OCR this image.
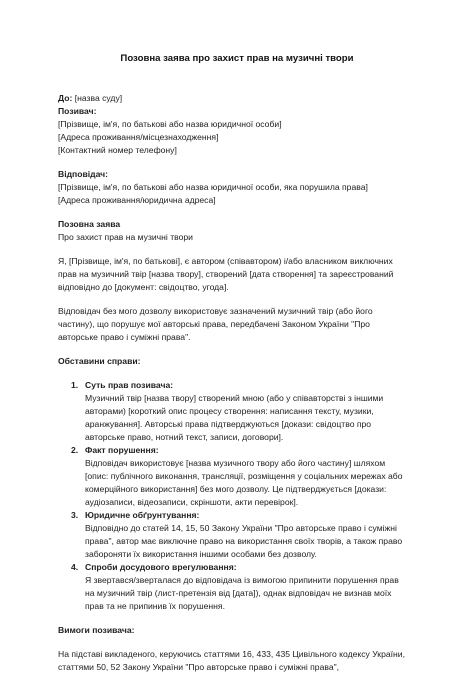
Позовна заява про захист прав на музичні твори

До: [назва суду]

Позивач:

[Прізвище, ім'я, по батькові або назва юридичної особи]

[Адреса проживання/місцезнаходження]

[Контактний номер телефону]

Відповідач:

[Прізвище, ім'я, по батькові або назва юридичної особи, яка порушила права]

[Адреса проживання/юридична адреса]

Позовна заява

Про захист прав на музичні твори

Я, [Прізвище, ім'я, по батькові], є автором (співавтором) і/або власником виключних

прав на музичний твір [назва твору], створений [дата створення] та зареєстрований

відповідно до [документ: свідоцтво, угода].

Відповідач без мого дозволу використовує зазначений музичний твір (або його

частину), що порушує мої авторські права, передбачені Законом України "Про

авторське право і суміжні права".

Обставини справи:

1. Суть прав позивача:

Музичний твір [назва твору] створений мною (або у співавторстві з іншими

авторами) [короткий опис процесу створення: написання тексту, музики,

аранжування]. Авторські права підтверджуються [докази: свідоцтво про

авторське право, нотний текст, записи, договори].

2. Факт порушення:

Відповідач використовує [назва музичного твору або його частину] шляхом

[опис: публічного виконання, трансляції, розміщення у соціальних мережах або

комерційного використання] без мого дозволу. Це підтверджується [докази:

аудіозаписи, відеозаписи, скріншоти, акти перевірок].

3. Юридичне обґрунтування:

Відповідно до статей 14, 15, 50 Закону України "Про авторське право і суміжні

права", автор має виключне право на використання своїх творів, а також право

забороняти їх використання іншими особами без дозволу.

4. Спроби досудового врегулювання:

Я звертався/зверталася до відповідача із вимогою припинити порушення прав

на музичний твір (лист-претензія від [дата]), однак відповідач не визнав моїх

прав та не припинив їх порушення.

Вимоги позивача:

На підставі викладеного, керуючись статтями 16, 433, 435 Цивільного кодексу України,

статтями 50, 52 Закону України "Про авторське право і суміжні права",
